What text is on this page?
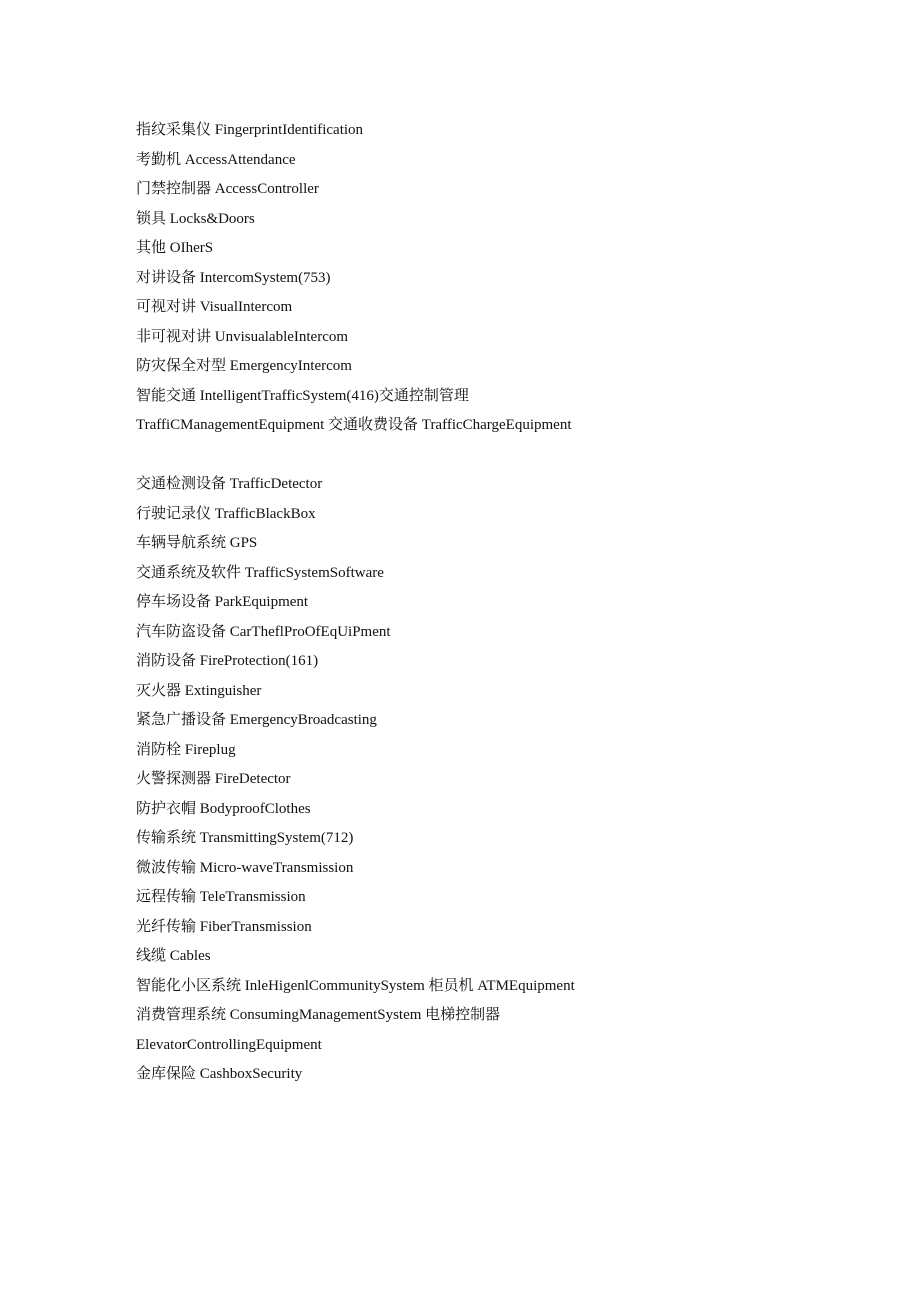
指纹采集仪 FingerprintIdentification
考勤机 AccessAttendance
门禁控制器 AccessController
锁具 Locks&Doors
其他 OIherS
对讲设备 IntercomSystem(753)
可视对讲 VisualIntercom
非可视对讲 UnvisualableIntercom
防灾保全对型 EmergencyIntercom
智能交通 IntelligentTrafficSystem(416)交通控制管理
TraffiCManagementEquipment 交通收费设备 TrafficChargeEquipment
交通检测设备 TrafficDetector
行驶记录仪 TrafficBlackBox
车辆导航系统 GPS
交通系统及软件 TrafficSystemSoftware
停车场设备 ParkEquipment
汽车防盗设备 CarTheflProOfEqUiPment
消防设备 FireProtection(161)
灭火器 Extinguisher
紧急广播设备 EmergencyBroadcasting
消防栓 Fireplug
火警探测器 FireDetector
防护衣帽 BodyproofClothes
传输系统 TransmittingSystem(712)
微波传输 Micro-waveTransmission
远程传输 TeleTransmission
光纤传输 FiberTransmission
线缆 Cables
智能化小区系统 InleHigenlCommunitySystem 柜员机 ATMEquipment
消费管理系统 ConsumingManagementSystem 电梯控制器
ElevatorControllingEquipment
金库保险 CashboxSecurity
